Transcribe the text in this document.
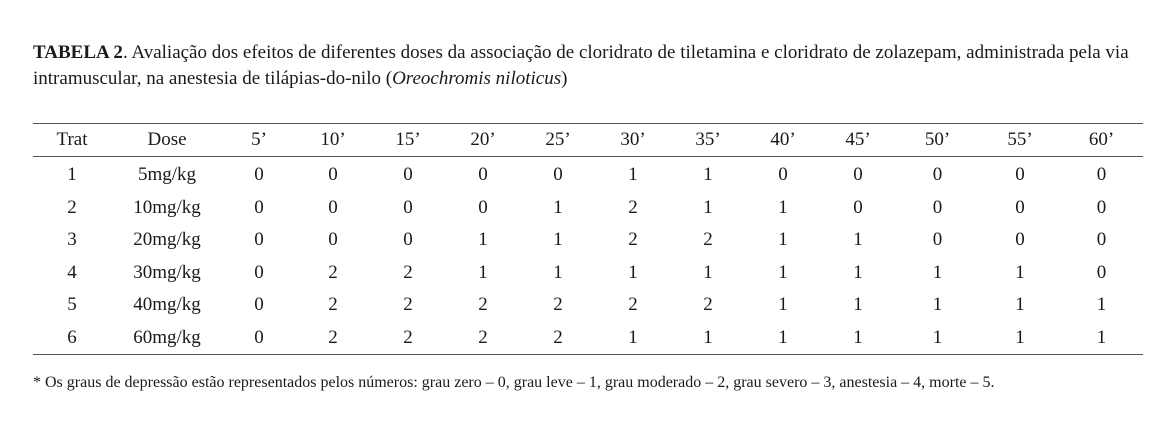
TABELA 2. Avaliação dos efeitos de diferentes doses da associação de cloridrato de tiletamina e cloridrato de zolazepam, administrada pela via intramuscular, na anestesia de tilápias-do-nilo (Oreochromis niloticus)
Trat	Dose	5’	10’	15’	20’	25’	30’	35’	40’	45’	50’	55’	60’
1	5mg/kg	0	0	0	0	0	1	1	0	0	0	0	0
2	10mg/kg	0	0	0	0	1	2	1	1	0	0	0	0
3	20mg/kg	0	0	0	1	1	2	2	1	1	0	0	0
4	30mg/kg	0	2	2	1	1	1	1	1	1	1	1	0
5	40mg/kg	0	2	2	2	2	2	2	1	1	1	1	1
6	60mg/kg	0	2	2	2	2	1	1	1	1	1	1	1
* Os graus de depressão estão representados pelos números: grau zero – 0, grau leve – 1, grau moderado – 2, grau severo – 3, anestesia – 4, morte – 5.
